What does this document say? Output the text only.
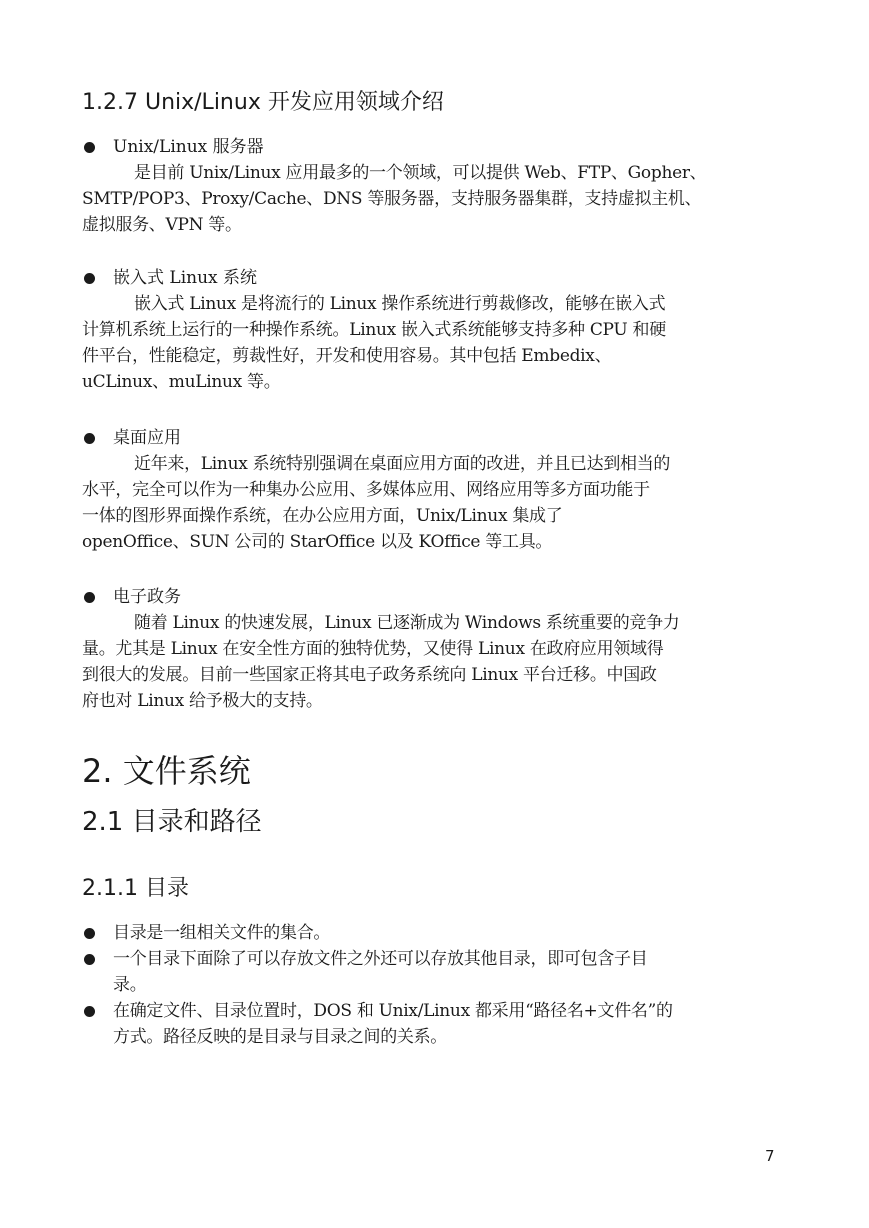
1.2.7 Unix/Linux 开发应用领域介绍
Unix/Linux 服务器
是目前 Unix/Linux 应用最多的一个领域，可以提供 Web、FTP、Gopher、
SMTP/POP3、Proxy/Cache、DNS 等服务器，支持服务器集群，支持虚拟主机、
虚拟服务、VPN 等。
嵌入式 Linux 系统
嵌入式 Linux 是将流行的 Linux 操作系统进行剪裁修改，能够在嵌入式
计算机系统上运行的一种操作系统。Linux 嵌入式系统能够支持多种 CPU 和硬
件平台，性能稳定，剪裁性好，开发和使用容易。其中包括 Embedix、
uCLinux、muLinux 等。
桌面应用
近年来，Linux 系统特别强调在桌面应用方面的改进，并且已达到相当的
水平，完全可以作为一种集办公应用、多媒体应用、网络应用等多方面功能于
一体的图形界面操作系统，在办公应用方面，Unix/Linux 集成了
openOffice、SUN 公司的 StarOffice 以及 KOffice 等工具。
电子政务
随着 Linux 的快速发展，Linux 已逐渐成为 Windows 系统重要的竞争力
量。尤其是 Linux 在安全性方面的独特优势，又使得 Linux 在政府应用领域得
到很大的发展。目前一些国家正将其电子政务系统向 Linux 平台迁移。中国政
府也对 Linux 给予极大的支持。
2. 文件系统
2.1 目录和路径
2.1.1 目录
目录是一组相关文件的集合。
一个目录下面除了可以存放文件之外还可以存放其他目录，即可包含子目
录。
在确定文件、目录位置时，DOS 和 Unix/Linux 都采用“路径名+文件名”的
方式。路径反映的是目录与目录之间的关系。
7
